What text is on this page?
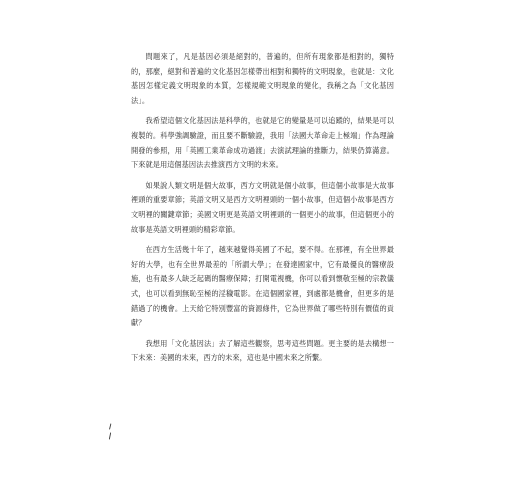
問題來了，凡是基因必須是絕對的，普遍的，但所有現象都是相對的，獨特的，那麼，絕對和普遍的文化基因怎樣帶出相對和獨特的文明現象，也就是：文化基因怎樣定義文明現象的本質，怎樣規範文明現象的變化，我稱之為「文化基因法」。

我希望這個文化基因法是科學的，也就是它的變量是可以追蹤的，結果是可以複製的。科學強調驗證，而且要不斷驗證，我用「法國大革命走上極端」作為理論開發的參照，用「英國工業革命成功過渡」去演試理論的推斷力，結果仍算滿意。下來就是用這個基因法去推演西方文明的未來。

如果說人類文明是個大故事，西方文明就是個小故事，但這個小故事是大故事裡頭的重要章節；英語文明又是西方文明裡頭的一個小故事，但這個小故事是西方文明裡的關鍵章節；美國文明更是英語文明裡頭的一個更小的故事，但這個更小的故事是英語文明裡頭的精彩章節。

在西方生活幾十年了，越來越覺得美國了不起，要不得。在那裡，有全世界最好的大學，也有全世界最差的「所謂大學」；在發達國家中，它有最優良的醫療設施，也有最多人缺乏起碼的醫療保障；打開電視機，你可以看到懷敬至極的宗教儀式，也可以看到無恥至極的淫穢電影。在這個國家裡，到處都是機會，但更多的是錯過了的機會。上天給它特別豐富的資源條件，它為世界做了哪些特別有價值的貢獻？

我想用「文化基因法」去了解這些觀察，思考這些問題。更主要的是去構想一下未來：美國的未來，西方的未來，這也是中國未來之所繫。
